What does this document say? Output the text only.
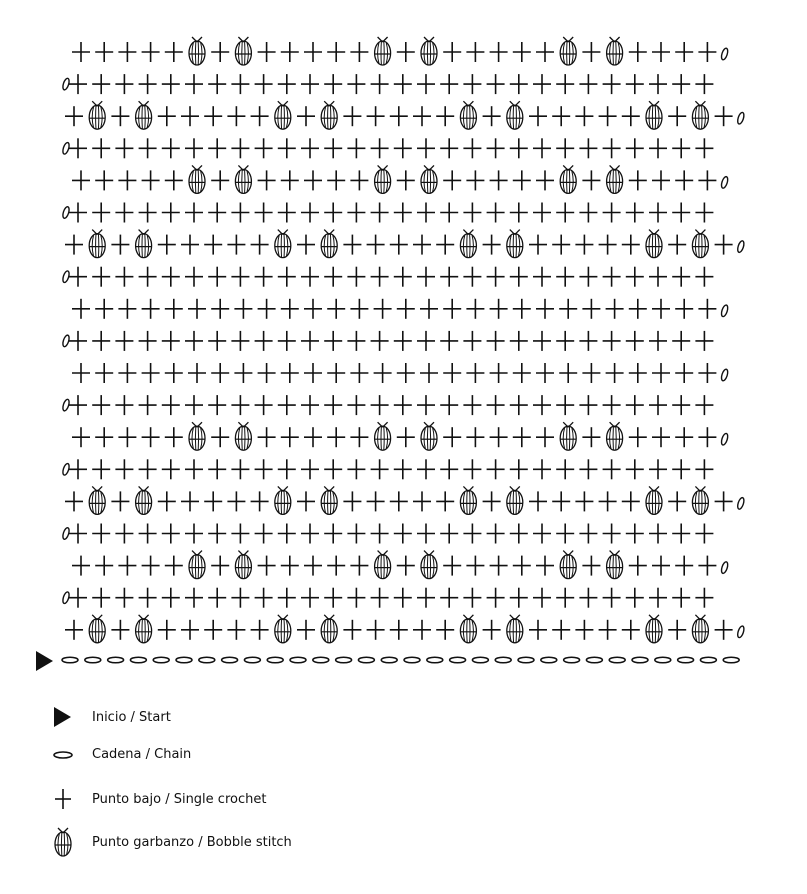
Inicio / Start
Cadena / Chain
Punto bajo / Single crochet
Punto garbanzo / Bobble stitch
